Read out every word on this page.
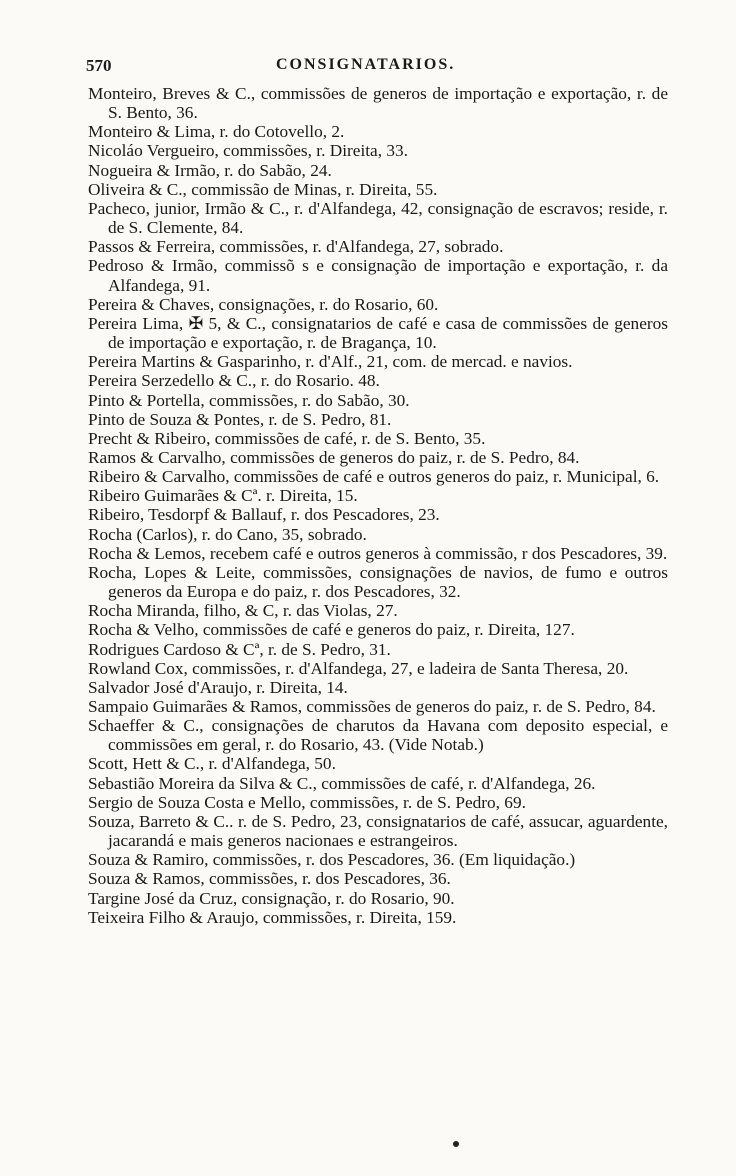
570	CONSIGNATARIOS.

Monteiro, Breves & C., commissões de generos de importação e exportação, r. de S. Bento, 36.

Monteiro & Lima, r. do Cotovello, 2.

Nicoláo Vergueiro, commissões, r. Direita, 33.

Nogueira & Irmão, r. do Sabão, 24.

Oliveira & C., commissão de Minas, r. Direita, 55.

Pacheco, junior, Irmão & C., r. d'Alfandega, 42, consignação de escravos; reside, r. de S. Clemente, 84.

Passos & Ferreira, commissões, r. d'Alfandega, 27, sobrado.

Pedroso & Irmão, commissõ s e consignação de importação e exportação, r. da Alfandega, 91.

Pereira & Chaves, consignações, r. do Rosario, 60.

Pereira Lima, ✠ 5, & C., consignatarios de café e casa de commissões de generos de importação e exportação, r. de Bragança, 10.

Pereira Martins & Gasparinho, r. d'Alf., 21, com. de mercad. e navios.

Pereira Serzedello & C., r. do Rosario. 48.

Pinto & Portella, commissões, r. do Sabão, 30.

Pinto de Souza & Pontes, r. de S. Pedro, 81.

Precht & Ribeiro, commissões de café, r. de S. Bento, 35.

Ramos & Carvalho, commissões de generos do paiz, r. de S. Pedro, 84.

Ribeiro & Carvalho, commissões de café e outros generos do paiz, r. Municipal, 6.

Ribeiro Guimarães & Cª. r. Direita, 15.

Ribeiro, Tesdorpf & Ballauf, r. dos Pescadores, 23.

Rocha (Carlos), r. do Cano, 35, sobrado.

Rocha & Lemos, recebem café e outros generos à commissão, r dos Pescadores, 39.

Rocha, Lopes & Leite, commissões, consignações de navios, de fumo e outros generos da Europa e do paiz, r. dos Pescadores, 32.

Rocha Miranda, filho, & C, r. das Violas, 27.

Rocha & Velho, commissões de café e generos do paiz, r. Direita, 127.

Rodrigues Cardoso & Cª, r. de S. Pedro, 31.

Rowland Cox, commissões, r. d'Alfandega, 27, e ladeira de Santa Theresa, 20.

Salvador José d'Araujo, r. Direita, 14.

Sampaio Guimarães & Ramos, commissões de generos do paiz, r. de S. Pedro, 84.

Schaeffer & C., consignações de charutos da Havana com deposito especial, e commissões em geral, r. do Rosario, 43. (Vide Notab.)

Scott, Hett & C., r. d'Alfandega, 50.

Sebastião Moreira da Silva & C., commissões de café, r. d'Alfandega, 26.

Sergio de Souza Costa e Mello, commissões, r. de S. Pedro, 69.

Souza, Barreto & C.. r. de S. Pedro, 23, consignatarios de café, assucar, aguardente, jacarandá e mais generos nacionaes e estrangeiros.

Souza & Ramiro, commissões, r. dos Pescadores, 36. (Em liquidação.)

Souza & Ramos, commissões, r. dos Pescadores, 36.

Targine José da Cruz, consignação, r. do Rosario, 90.

Teixeira Filho & Araujo, commissões, r. Direita, 159.
